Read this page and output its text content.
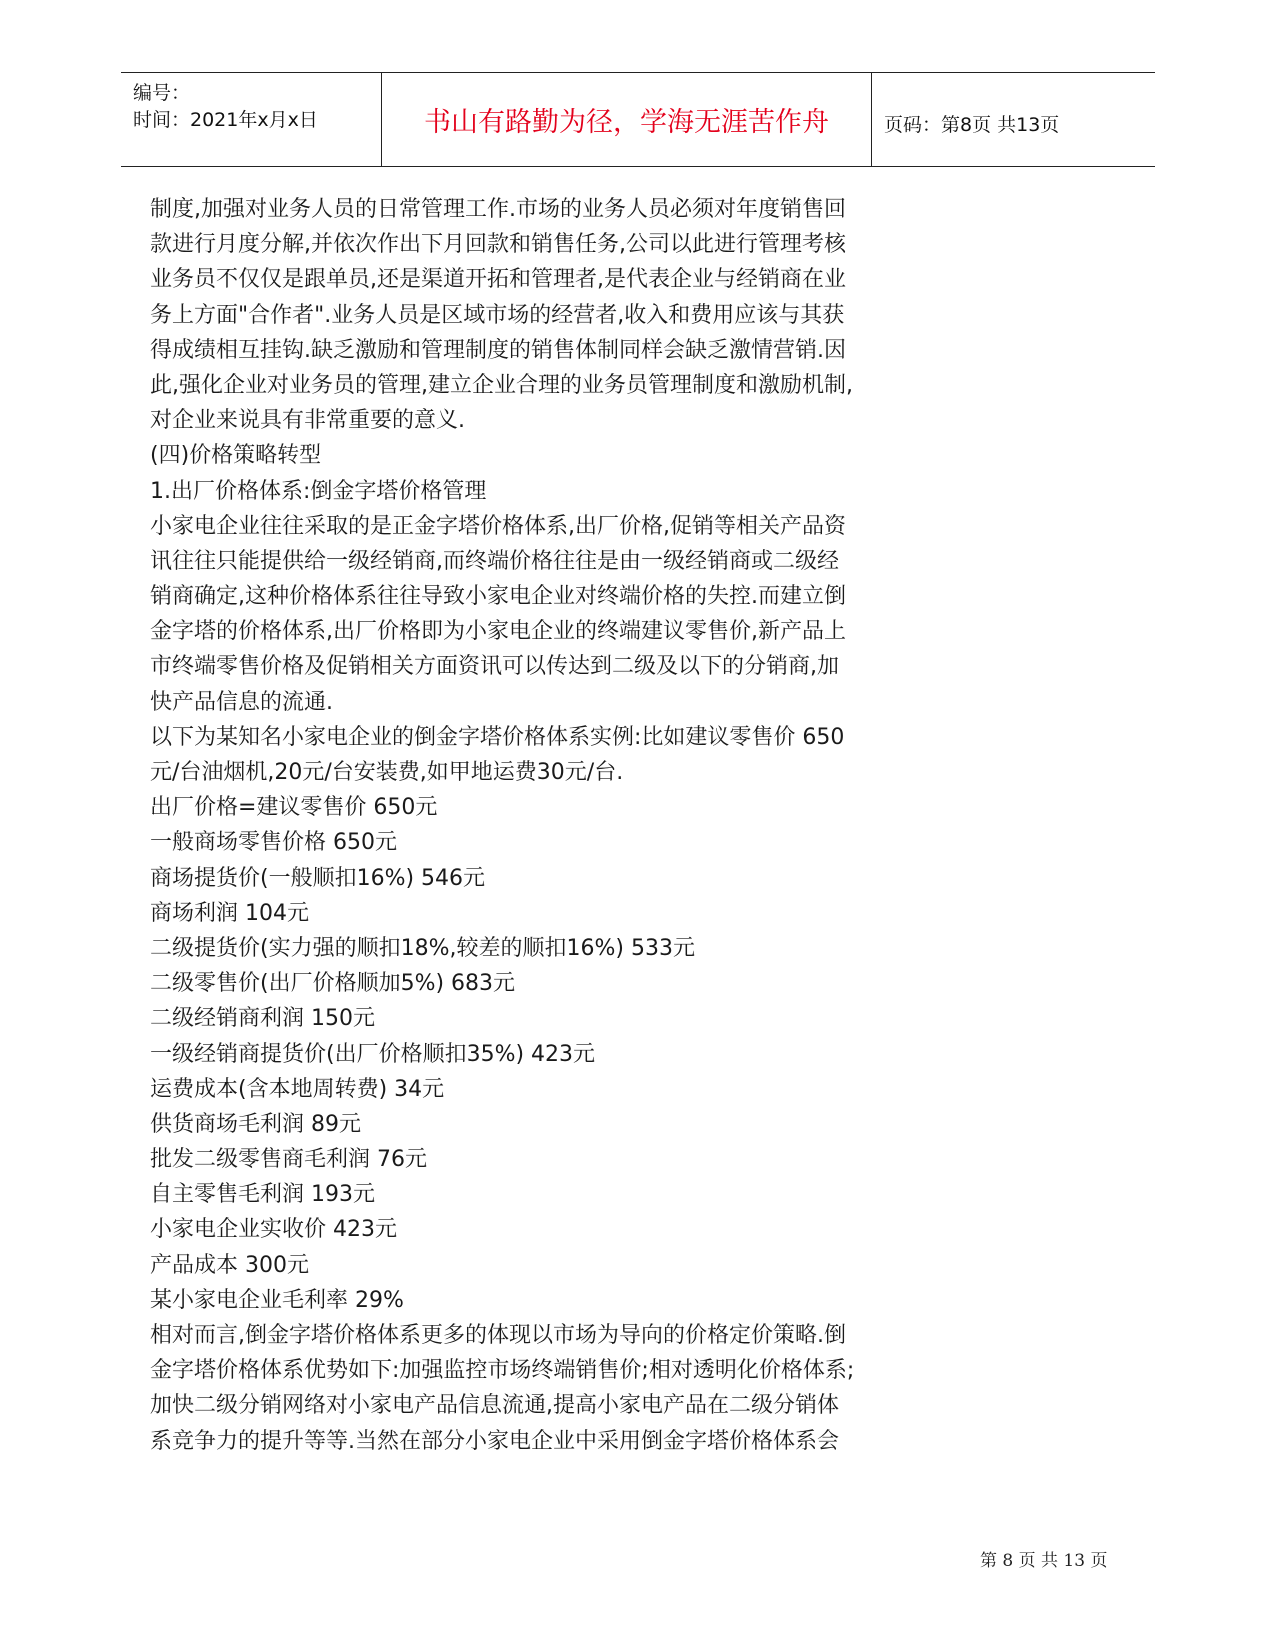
编号：
时间：2021年x月x日	书山有路勤为径，学海无涯苦作舟	页码：第8页 共13页
制度,加强对业务人员的日常管理工作.市场的业务人员必须对年度销售回
款进行月度分解,并依次作出下月回款和销售任务,公司以此进行管理考核
业务员不仅仅是跟单员,还是渠道开拓和管理者,是代表企业与经销商在业
务上方面"合作者".业务人员是区域市场的经营者,收入和费用应该与其获
得成绩相互挂钩.缺乏激励和管理制度的销售体制同样会缺乏激情营销.因
此,强化企业对业务员的管理,建立企业合理的业务员管理制度和激励机制,
对企业来说具有非常重要的意义.
(四)价格策略转型
1.出厂价格体系:倒金字塔价格管理
小家电企业往往采取的是正金字塔价格体系,出厂价格,促销等相关产品资
讯往往只能提供给一级经销商,而终端价格往往是由一级经销商或二级经
销商确定,这种价格体系往往导致小家电企业对终端价格的失控.而建立倒
金字塔的价格体系,出厂价格即为小家电企业的终端建议零售价,新产品上
市终端零售价格及促销相关方面资讯可以传达到二级及以下的分销商,加
快产品信息的流通.
以下为某知名小家电企业的倒金字塔价格体系实例:比如建议零售价 650
元/台油烟机,20元/台安装费,如甲地运费30元/台.
出厂价格=建议零售价 650元
一般商场零售价格 650元
商场提货价(一般顺扣16%) 546元
商场利润 104元
二级提货价(实力强的顺扣18%,较差的顺扣16%) 533元
二级零售价(出厂价格顺加5%) 683元
二级经销商利润 150元
一级经销商提货价(出厂价格顺扣35%) 423元
运费成本(含本地周转费) 34元
供货商场毛利润 89元
批发二级零售商毛利润 76元
自主零售毛利润 193元
小家电企业实收价 423元
产品成本 300元
某小家电企业毛利率 29%
相对而言,倒金字塔价格体系更多的体现以市场为导向的价格定价策略.倒
金字塔价格体系优势如下:加强监控市场终端销售价;相对透明化价格体系;
加快二级分销网络对小家电产品信息流通,提高小家电产品在二级分销体
系竞争力的提升等等.当然在部分小家电企业中采用倒金字塔价格体系会
第 8 页 共 13 页
